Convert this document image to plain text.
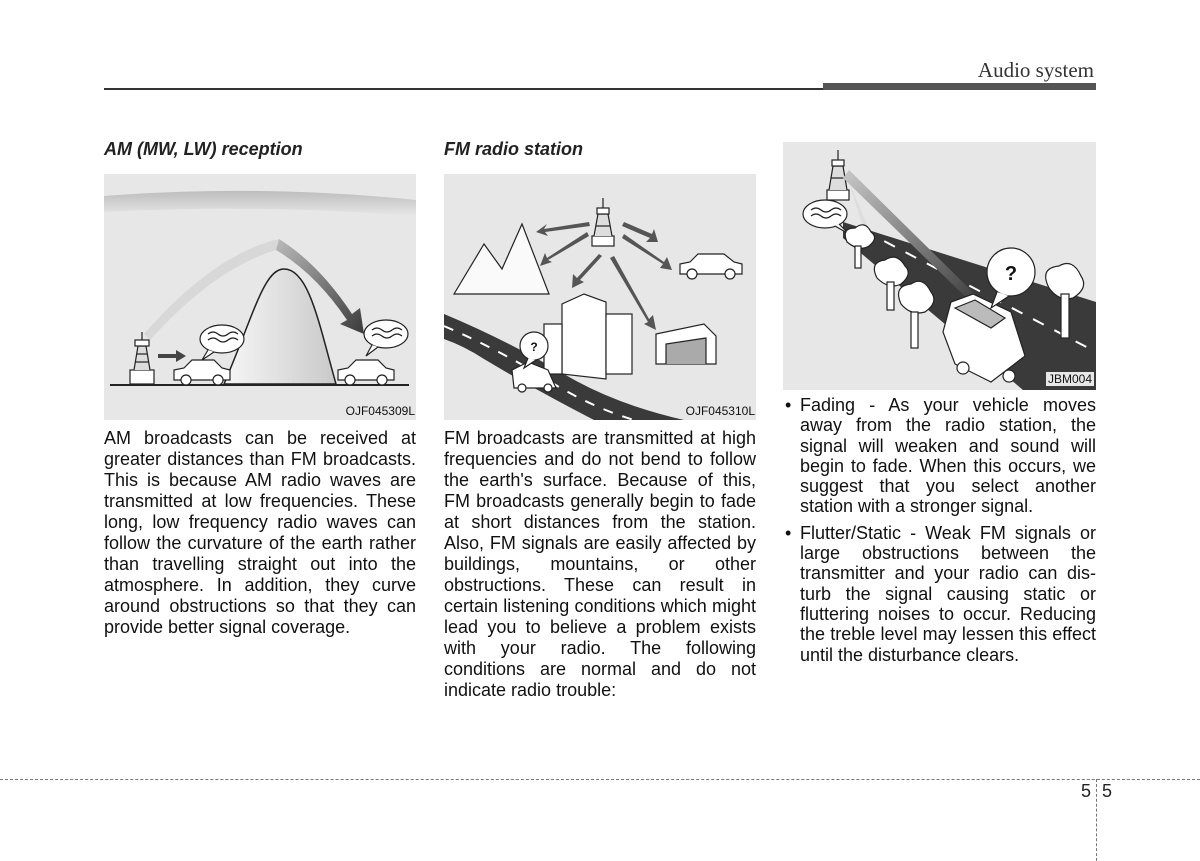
Audio system
AM (MW, LW) reception
OJF045309L

AM broadcasts can be received at greater distances than FM broadcasts. This is because AM radio waves are transmitted at low frequencies. These long, low frequency radio waves can follow the curvature of the earth rather than travelling straight out into the atmosphere. In addition, they curve around obstructions so that they can provide better signal coverage.

FM radio station
?
OJF045310L

FM broadcasts are transmitted at high frequencies and do not bend to follow the earth's surface. Because of this, FM broadcasts generally begin to fade at short distances from the station. Also, FM signals are easily affected by buildings, mountains, or other obstructions. These can result in certain listening conditions which might lead you to believe a problem exists with your radio. The following conditions are normal and do not indicate radio trouble:

?
JBM004
• Fading - As your vehicle moves away from the radio station, the signal will weaken and sound will begin to fade. When this occurs, we suggest that you select another station with a stronger signal.
• Flutter/Static - Weak FM signals or large obstructions between the transmitter and your radio can disturb the signal causing static or fluttering noises to occur. Reducing the treble level may lessen this effect until the disturbance clears.
5 5
